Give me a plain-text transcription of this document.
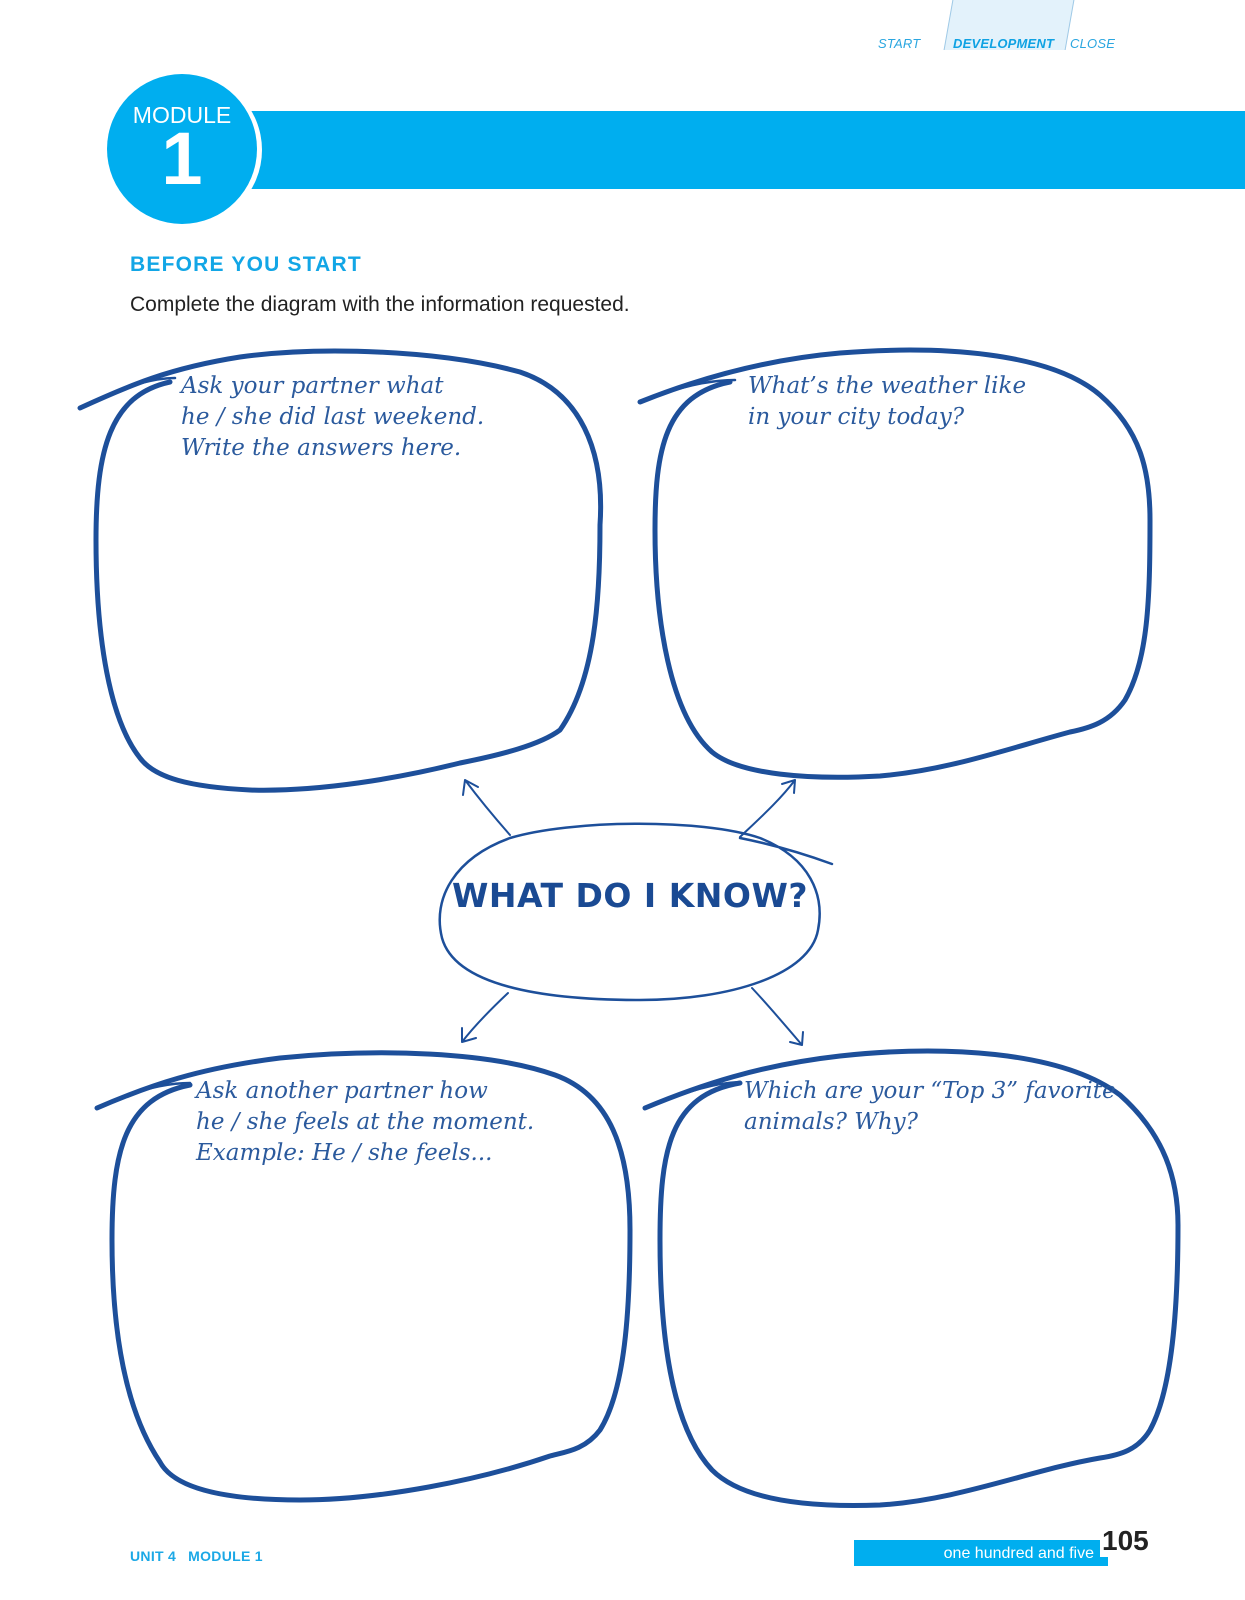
START	DEVELOPMENT CLOSE
MODULE
1
BEFORE YOU START
Complete the diagram with the information requested.
Ask your partner what
he / she did last weekend.
Write the answers here.
What’s the weather like
in your city today?
Ask another partner how
he / she feels at the moment.
Example: He / she feels...
Which are your “Top 3” favorite
animals? Why?
WHAT DO I KNOW?
UNIT 4 MODULE 1	one hundred and five 105
